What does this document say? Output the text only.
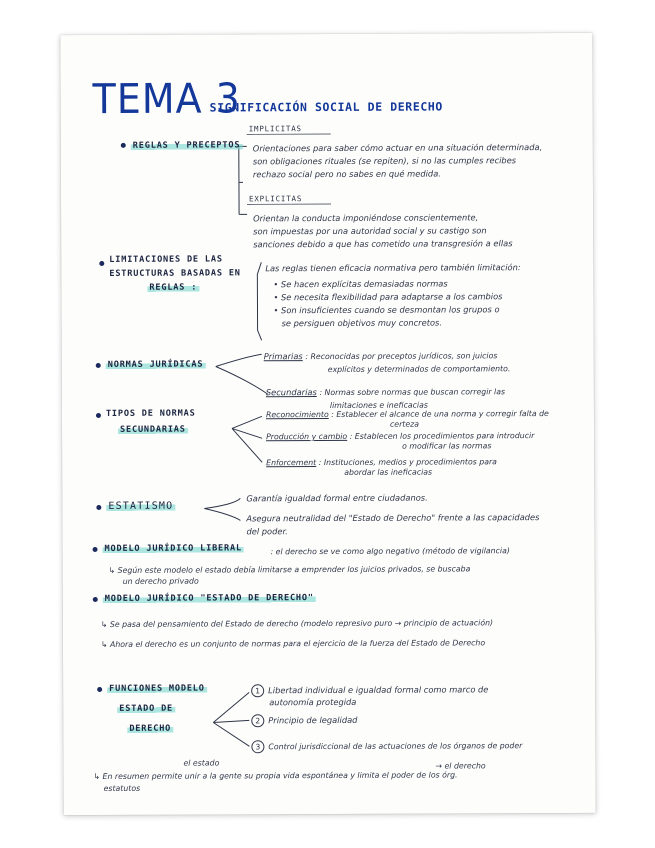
TEMA 3
. SIGNIFICACIÓN SOCIAL DE DERECHO
REGLAS Y PRECEPTOS
IMPLICITAS
Orientaciones para saber cómo actuar en una situación determinada,
son obligaciones rituales (se repiten), si no las cumples recibes
rechazo social pero no sabes en qué medida.
EXPLICITAS
Orientan la conducta imponiéndose conscientemente,
son impuestas por una autoridad social y su castigo son
sanciones debido a que has cometido una transgresión a ellas
LIMITACIONES DE LAS
ESTRUCTURAS BASADAS EN
REGLAS :
Las reglas tienen eficacia normativa pero también limitación:
• Se hacen explícitas demasiadas normas
• Se necesita flexibilidad para adaptarse a los cambios
• Son insuficientes cuando se desmontan los grupos o
se persiguen objetivos muy concretos.
NORMAS JURÍDICAS
Primarias : Reconocidas por preceptos jurídicos, son juicios
explícitos y determinados de comportamiento.
Secundarias : Normas sobre normas que buscan corregir las
limitaciones e ineficacias
TIPOS DE NORMAS
SECUNDARIAS
Reconocimiento : Establecer el alcance de una norma y corregir falta de
certeza
Producción y cambio : Establecen los procedimientos para introducir
o modificar las normas
Enforcement : Instituciones, medios y procedimientos para
abordar las ineficacias
ESTATISMO
Garantía igualdad formal entre ciudadanos.
Asegura neutralidad del "Estado de Derecho" frente a las capacidades
del poder.
MODELO JURÍDICO LIBERAL	: el derecho se ve como algo negativo (método de vigilancia)
↳ Según este modelo el estado debía limitarse a emprender los juicios privados, se buscaba
un derecho privado
MODELO JURÍDICO "ESTADO DE DERECHO"
↳ Se pasa del pensamiento del Estado de derecho (modelo represivo puro → principio de actuación)
↳ Ahora el derecho es un conjunto de normas para el ejercicio de la fuerza del Estado de Derecho
FUNCIONES MODELO
ESTADO DE
DERECHO
1 Libertad individual e igualdad formal como marco de
autonomía protegida
2 Principio de legalidad
3 Control jurisdiccional de las actuaciones de los órganos de poder
el estado	→ el derecho
↳ En resumen permite unir a la gente su propia vida espontánea y limita el poder de los órg.
estatutos
